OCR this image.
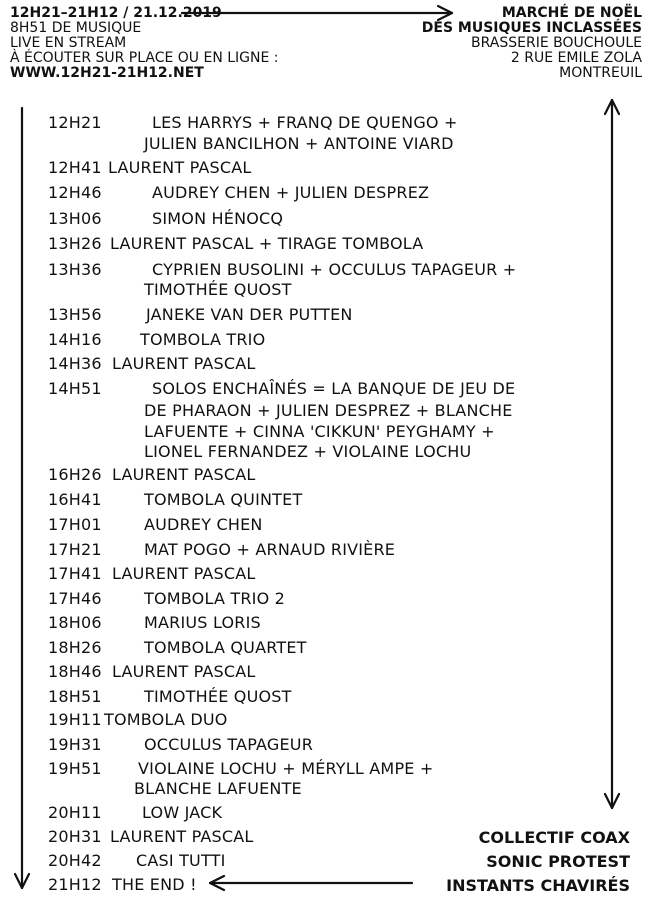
12H21–21H12 / 21.12.2019
8H51 DE MUSIQUE
LIVE EN STREAM
À ÉCOUTER SUR PLACE OU EN LIGNE :
WWW.12H21-21H12.NET
MARCHÉ DE NOËL
DES MUSIQUES INCLASSÉES
BRASSERIE BOUCHOULE
2 RUE EMILE ZOLA
MONTREUIL
12H21	LES HARRYS + FRANQ DE QUENGO +
JULIEN BANCILHON + ANTOINE VIARD
12H41 LAURENT PASCAL
12H46	AUDREY CHEN + JULIEN DESPREZ
13H06	SIMON HÉNOCQ
13H26 LAURENT PASCAL + TIRAGE TOMBOLA
13H36	CYPRIEN BUSOLINI + OCCULUS TAPAGEUR +
TIMOTHÉE QUOST
13H56	JANEKE VAN DER PUTTEN
14H16	TOMBOLA TRIO
14H36 LAURENT PASCAL
14H51	SOLOS ENCHAÎNÉS = LA BANQUE DE JEU DE
DE PHARAON + JULIEN DESPREZ + BLANCHE
LAFUENTE + CINNA 'CIKKUN' PEYGHAMY +
LIONEL FERNANDEZ + VIOLAINE LOCHU
16H26 LAURENT PASCAL
16H41	TOMBOLA QUINTET
17H01	AUDREY CHEN
17H21	MAT POGO + ARNAUD RIVIÈRE
17H41 LAURENT PASCAL
17H46	TOMBOLA TRIO 2
18H06	MARIUS LORIS
18H26	TOMBOLA QUARTET
18H46 LAURENT PASCAL
18H51	TIMOTHÉE QUOST
19H11 TOMBOLA DUO
19H31	OCCULUS TAPAGEUR
19H51	VIOLAINE LOCHU + MÉRYLL AMPE +
BLANCHE LAFUENTE
20H11	LOW JACK
20H31 LAURENT PASCAL
20H42	CASI TUTTI
21H12 THE END !
COLLECTIF COAX
SONIC PROTEST
INSTANTS CHAVIRÉS
